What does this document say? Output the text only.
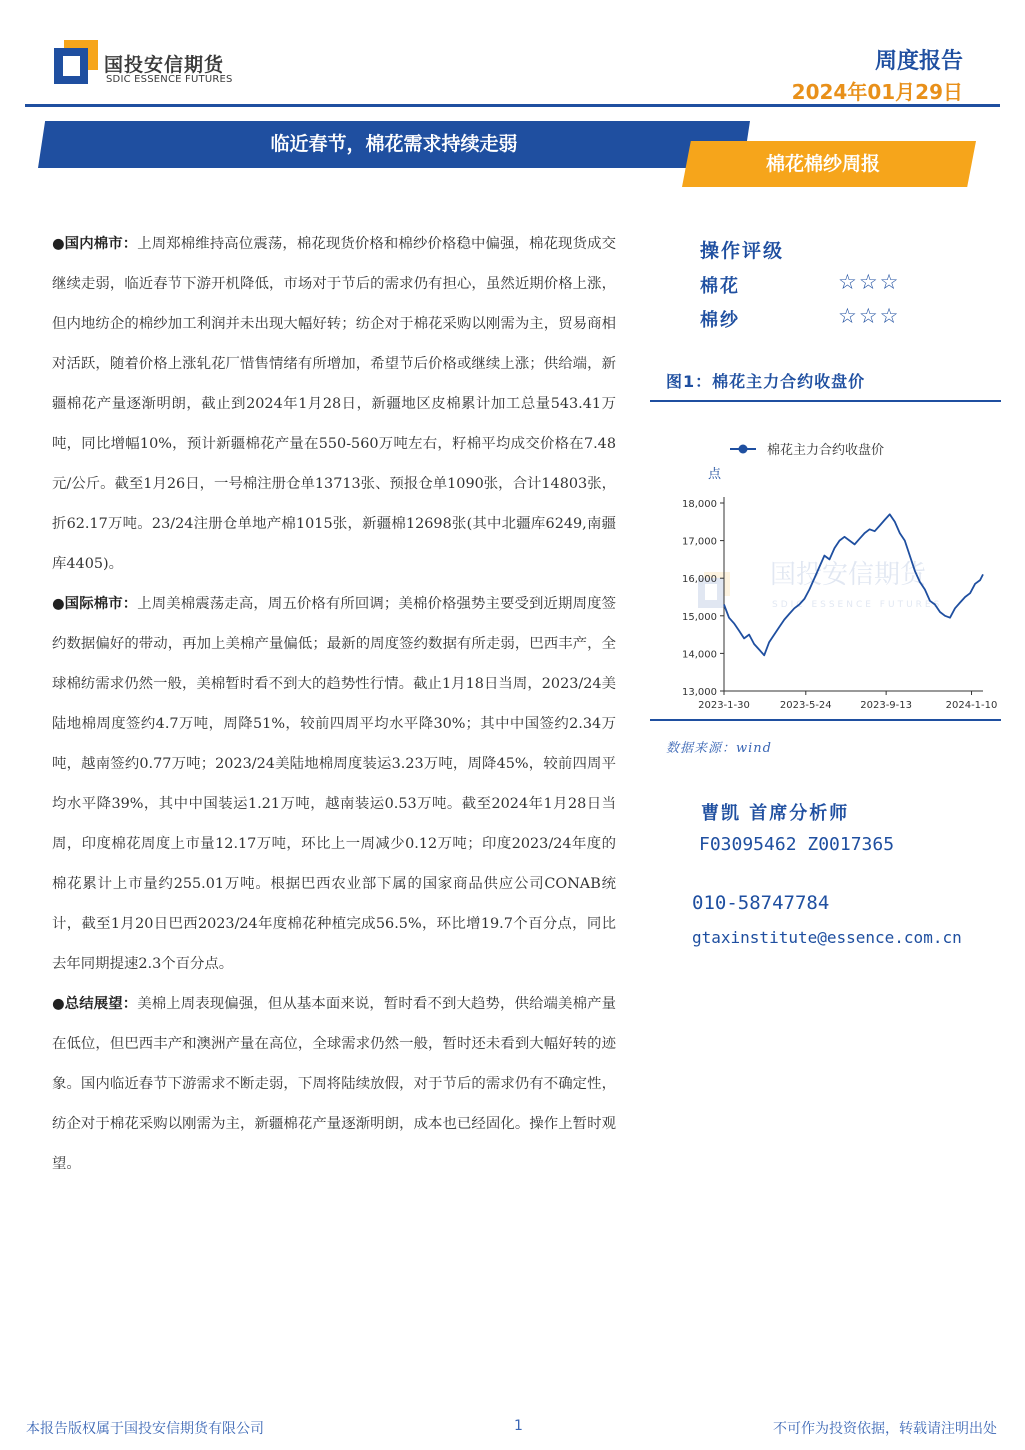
国投安信期货
SDIC ESSENCE FUTURES
周度报告
2024年01月29日
临近春节，棉花需求持续走弱
棉花棉纱周报

●国内棉市：上周郑棉维持高位震荡，棉花现货价格和棉纱价格稳中偏强，棉花现货成交继续走弱，临近春节下游开机降低，市场对于节后的需求仍有担心，虽然近期价格上涨，但内地纺企的棉纱加工利润并未出现大幅好转；纺企对于棉花采购以刚需为主，贸易商相对活跃，随着价格上涨轧花厂惜售情绪有所增加，希望节后价格或继续上涨；供给端，新疆棉花产量逐渐明朗，截止到2024年1月28日，新疆地区皮棉累计加工总量543.41万吨，同比增幅10%，预计新疆棉花产量在550-560万吨左右，籽棉平均成交价格在7.48元/公斤。截至1月26日，一号棉注册仓单13713张、预报仓单1090张，合计14803张，折62.17万吨。23/24注册仓单地产棉1015张，新疆棉12698张(其中北疆库6249,南疆库4405)。

●国际棉市：上周美棉震荡走高，周五价格有所回调；美棉价格强势主要受到近期周度签约数据偏好的带动，再加上美棉产量偏低；最新的周度签约数据有所走弱，巴西丰产，全球棉纺需求仍然一般，美棉暂时看不到大的趋势性行情。截止1月18日当周，2023/24美陆地棉周度签约4.7万吨，周降51%，较前四周平均水平降30%；其中中国签约2.34万吨，越南签约0.77万吨；2023/24美陆地棉周度装运3.23万吨，周降45%，较前四周平均水平降39%，其中中国装运1.21万吨，越南装运0.53万吨。截至2024年1月28日当周，印度棉花周度上市量12.17万吨，环比上一周减少0.12万吨；印度2023/24年度的棉花累计上市量约255.01万吨。根据巴西农业部下属的国家商品供应公司CONAB统计，截至1月20日巴西2023/24年度棉花种植完成56.5%，环比增19.7个百分点，同比去年同期提速2.3个百分点。

●总结展望：美棉上周表现偏强，但从基本面来说，暂时看不到大趋势，供给端美棉产量在低位，但巴西丰产和澳洲产量在高位，全球需求仍然一般，暂时还未看到大幅好转的迹象。国内临近春节下游需求不断走弱，下周将陆续放假，对于节后的需求仍有不确定性，纺企对于棉花采购以刚需为主，新疆棉花产量逐渐明朗，成本也已经固化。操作上暂时观望。

操作评级
棉花	☆☆☆
棉纱	☆☆☆
图1：棉花主力合约收盘价
国投安信期货
SDIC ESSENCE FUTURES
棉花主力合约收盘价
点
13,000
14,000
15,000
16,000
17,000
18,000
2023-1-30	2023-5-24	2023-9-13	2024-1-10
数据来源：wind
曹凯 首席分析师
F03095462 Z0017365
010-58747784
gtaxinstitute@essence.com.cn
本报告版权属于国投安信期货有限公司	1	不可作为投资依据，转载请注明出处
